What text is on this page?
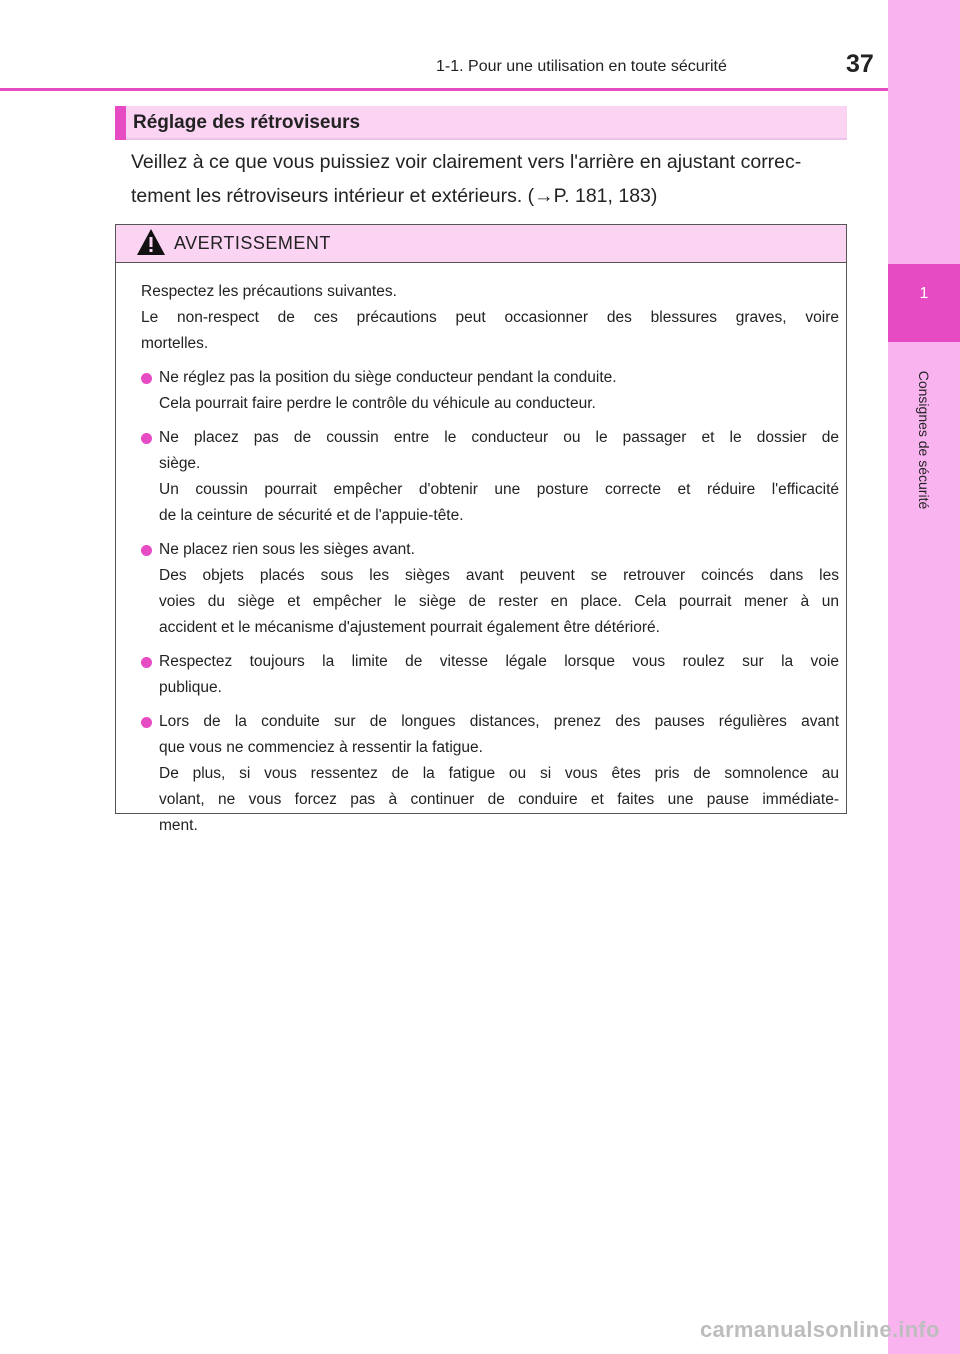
1
Consignes de sécurité
1-1. Pour une utilisation en toute sécurité	37
Réglage des rétroviseurs

Veillez à ce que vous puissiez voir clairement vers l'arrière en ajustant correc-

tement les rétroviseurs intérieur et extérieurs. (→P. 181, 183)

AVERTISSEMENT

Respectez les précautions suivantes.

Le non-respect de ces précautions peut occasionner des blessures graves, voire

mortelles.

Ne réglez pas la position du siège conducteur pendant la conduite.

Cela pourrait faire perdre le contrôle du véhicule au conducteur.

Ne placez pas de coussin entre le conducteur ou le passager et le dossier de

siège.

Un coussin pourrait empêcher d'obtenir une posture correcte et réduire l'efficacité

de la ceinture de sécurité et de l'appuie-tête.

Ne placez rien sous les sièges avant.

Des objets placés sous les sièges avant peuvent se retrouver coincés dans les

voies du siège et empêcher le siège de rester en place. Cela pourrait mener à un

accident et le mécanisme d'ajustement pourrait également être détérioré.

Respectez toujours la limite de vitesse légale lorsque vous roulez sur la voie

publique.

Lors de la conduite sur de longues distances, prenez des pauses régulières avant

que vous ne commenciez à ressentir la fatigue.

De plus, si vous ressentez de la fatigue ou si vous êtes pris de somnolence au

volant, ne vous forcez pas à continuer de conduire et faites une pause immédiate-

ment.

carmanualsonline.info
